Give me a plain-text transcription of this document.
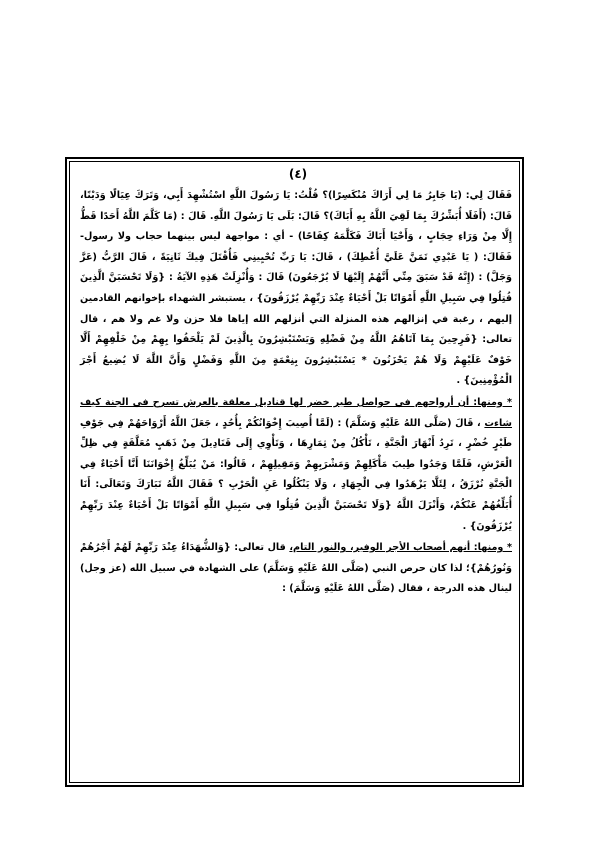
(٤)

فَقَالَ لِي: (يَا جَابِرُ مَا لِي أَرَاكَ مُنْكَسِرًا)؟ قُلْتُ: يَا رَسُولَ اللَّهِ اسْتُشْهِدَ أَبِي، وَتَرَكَ عِيَالًا وَدَيْنًا، قَالَ: (أَفَلَا أُبَشِّرُكَ بِمَا لَقِيَ اللَّهُ بِهِ أَبَاكَ)؟ قَالَ: بَلَى يَا رَسُولَ اللَّهِ. قَالَ : (مَا كَلَّمَ اللَّهُ أَحَدًا قَطُّ إِلَّا مِنْ وَرَاءِ حِجَابٍ ، وَأَحْيَا أَبَاكَ فَكَلَّمَهُ كِفَاحًا) - أي : مواجهة ليس بينهما حجاب ولا رسول- فَقَالَ: ( يَا عَبْدِي تَمَنَّ عَلَيَّ أُعْطِكَ) ، قَالَ: يَا رَبِّ تُحْيِينِي فَأُقْتَلَ فِيكَ ثَانِيَةً ، قَالَ الرَّبُّ (عَزَّ وَجَلَّ) : (إِنَّهُ قَدْ سَبَقَ مِنِّي أَنَّهُمْ إِلَيْهَا لَا يُرْجَعُونَ) قَالَ : وَأُنْزِلَتْ هَذِهِ الآيَةُ : {وَلَا تَحْسَبَنَّ الَّذِينَ قُتِلُوا فِي سَبِيلِ اللَّهِ أَمْوَاتًا بَلْ أَحْيَاءٌ عِنْدَ رَبِّهِمْ يُرْزَقُونَ} ، يستبشر الشهداء بإخوانهم القادمين إليهم ، رغبة في إنزالهم هذه المنزلة التي أنزلهم الله إياها فلا حزن ولا غم ولا هم ، قال تعالى: {فَرِحِينَ بِمَا آتَاهُمُ اللَّهُ مِنْ فَضْلِهِ وَيَسْتَبْشِرُونَ بِالَّذِينَ لَمْ يَلْحَقُوا بِهِمْ مِنْ خَلْفِهِمْ أَلَّا خَوْفٌ عَلَيْهِمْ وَلَا هُمْ يَحْزَنُونَ * يَسْتَبْشِرُونَ بِنِعْمَةٍ مِنَ اللَّهِ وَفَضْلٍ وَأَنَّ اللَّهَ لَا يُضِيعُ أَجْرَ الْمُؤْمِنِينَ} .

* ومنها: أن أرواحهم في حواصل طير خضر لها قناديل معلقة بالعرش تسرح في الجنة كيف شاءت ، قَالَ (صَلَّى اللهُ عَلَيْهِ وَسَلَّمَ) : (لَمَّا أُصِيبَ إِخْوَانُكُمْ بِأُحُدٍ ، جَعَلَ اللَّهُ أَرْوَاحَهُمْ فِي جَوْفِ طَيْرٍ خُضْرٍ ، تَرِدُ أَنْهَارَ الْجَنَّةِ ، تَأْكُلُ مِنْ ثِمَارِهَا ، وَتَأْوِي إِلَى قَنَادِيلَ مِنْ ذَهَبٍ مُعَلَّقَةٍ فِي ظِلِّ الْعَرْشِ، فَلَمَّا وَجَدُوا طِيبَ مَأْكَلِهِمْ وَمَشْرَبِهِمْ وَمَقِيلِهِمْ ، قَالُوا: مَنْ يُبَلِّغُ إِخْوَانَنَا أَنَّا أَحْيَاءٌ فِي الْجَنَّةِ نُرْزَقُ ، لِئَلَّا يَزْهَدُوا فِي الْجِهَادِ ، وَلَا يَنْكُلُوا عَنِ الْحَرْبِ ؟ فَقَالَ اللَّهُ تَبَارَكَ وَتَعَالَى: أَنَا أُبَلِّغُهُمْ عَنْكُمْ، وَأَنْزَلَ اللَّهُ {وَلَا تَحْسَبَنَّ الَّذِينَ قُتِلُوا فِي سَبِيلِ اللَّهِ أَمْوَاتًا بَلْ أَحْيَاءٌ عِنْدَ رَبِّهِمْ يُرْزَقُونَ} .

* ومنها: أنهم أصحاب الأجر الوفير، والنور التام، قال تعالى: {وَالشُّهَدَاءُ عِنْدَ رَبِّهِمْ لَهُمْ أَجْرُهُمْ وَنُورُهُمْ}؛ لذا كان حرص النبي (صَلَّى اللهُ عَلَيْهِ وَسَلَّمَ) على الشهادة في سبيل الله (عز وجل) لينال هذه الدرجة ، فقال (صَلَّى اللهُ عَلَيْهِ وَسَلَّمَ) :
